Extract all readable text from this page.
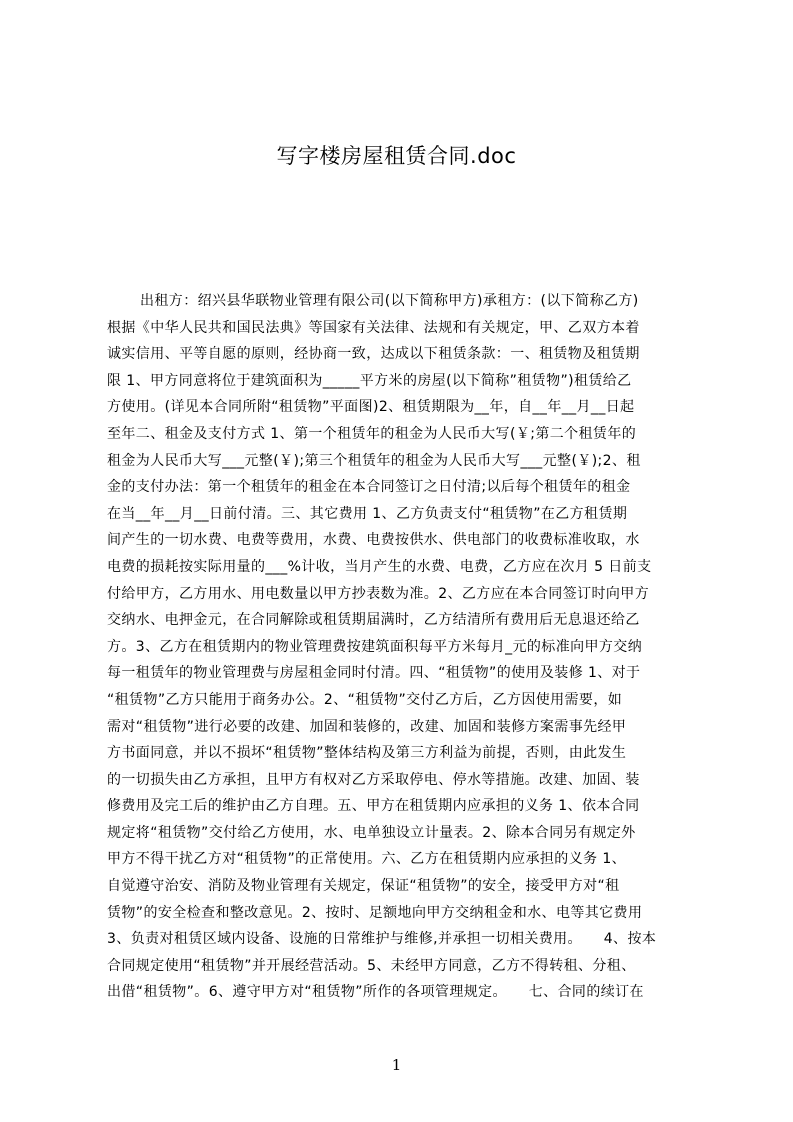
写字楼房屋租赁合同.doc
出租方：绍兴县华联物业管理有限公司(以下简称甲方)承租方：(以下简称乙方)
根据《中华人民共和国民法典》等国家有关法律、法规和有关规定，甲、乙双方本着
诚实信用、平等自愿的原则，经协商一致，达成以下租赁条款：一、租赁物及租赁期
限 1、甲方同意将位于建筑面积为_____平方米的房屋(以下简称”租赁物”)租赁给乙
方使用。(详见本合同所附“租赁物”平面图)2、租赁期限为__年，自__年__月__日起
至年二、租金及支付方式 1、第一个租赁年的租金为人民币大写(￥;第二个租赁年的
租金为人民币大写___元整(￥);第三个租赁年的租金为人民币大写___元整(￥);2、租
金的支付办法：第一个租赁年的租金在本合同签订之日付清;以后每个租赁年的租金
在当__年__月__日前付清。三、其它费用 1、乙方负责支付“租赁物”在乙方租赁期
间产生的一切水费、电费等费用，水费、电费按供水、供电部门的收费标准收取，水
电费的损耗按实际用量的___%计收，当月产生的水费、电费，乙方应在次月 5 日前支
付给甲方，乙方用水、用电数量以甲方抄表数为准。2、乙方应在本合同签订时向甲方
交纳水、电押金元，在合同解除或租赁期届满时，乙方结清所有费用后无息退还给乙
方。3、乙方在租赁期内的物业管理费按建筑面积每平方米每月_元的标准向甲方交纳
每一租赁年的物业管理费与房屋租金同时付清。四、“租赁物”的使用及装修 1、对于
“租赁物”乙方只能用于商务办公。2、“租赁物”交付乙方后，乙方因使用需要，如
需对“租赁物”进行必要的改建、加固和装修的，改建、加固和装修方案需事先经甲
方书面同意，并以不损坏“租赁物”整体结构及第三方利益为前提，否则，由此发生
的一切损失由乙方承担，且甲方有权对乙方采取停电、停水等措施。改建、加固、装
修费用及完工后的维护由乙方自理。五、甲方在租赁期内应承担的义务 1、依本合同
规定将“租赁物”交付给乙方使用，水、电单独设立计量表。2、除本合同另有规定外
甲方不得干扰乙方对“租赁物”的正常使用。六、乙方在租赁期内应承担的义务 1、
自觉遵守治安、消防及物业管理有关规定，保证“租赁物”的安全，接受甲方对“租
赁物”的安全检查和整改意见。2、按时、足额地向甲方交纳租金和水、电等其它费用
3、负责对租赁区域内设备、设施的日常维护与维修,并承担一切相关费用。　　4、按本
合同规定使用“租赁物”并开展经营活动。5、未经甲方同意，乙方不得转租、分租、
出借“租赁物”。6、遵守甲方对“租赁物”所作的各项管理规定。　　七、合同的续订在
1
